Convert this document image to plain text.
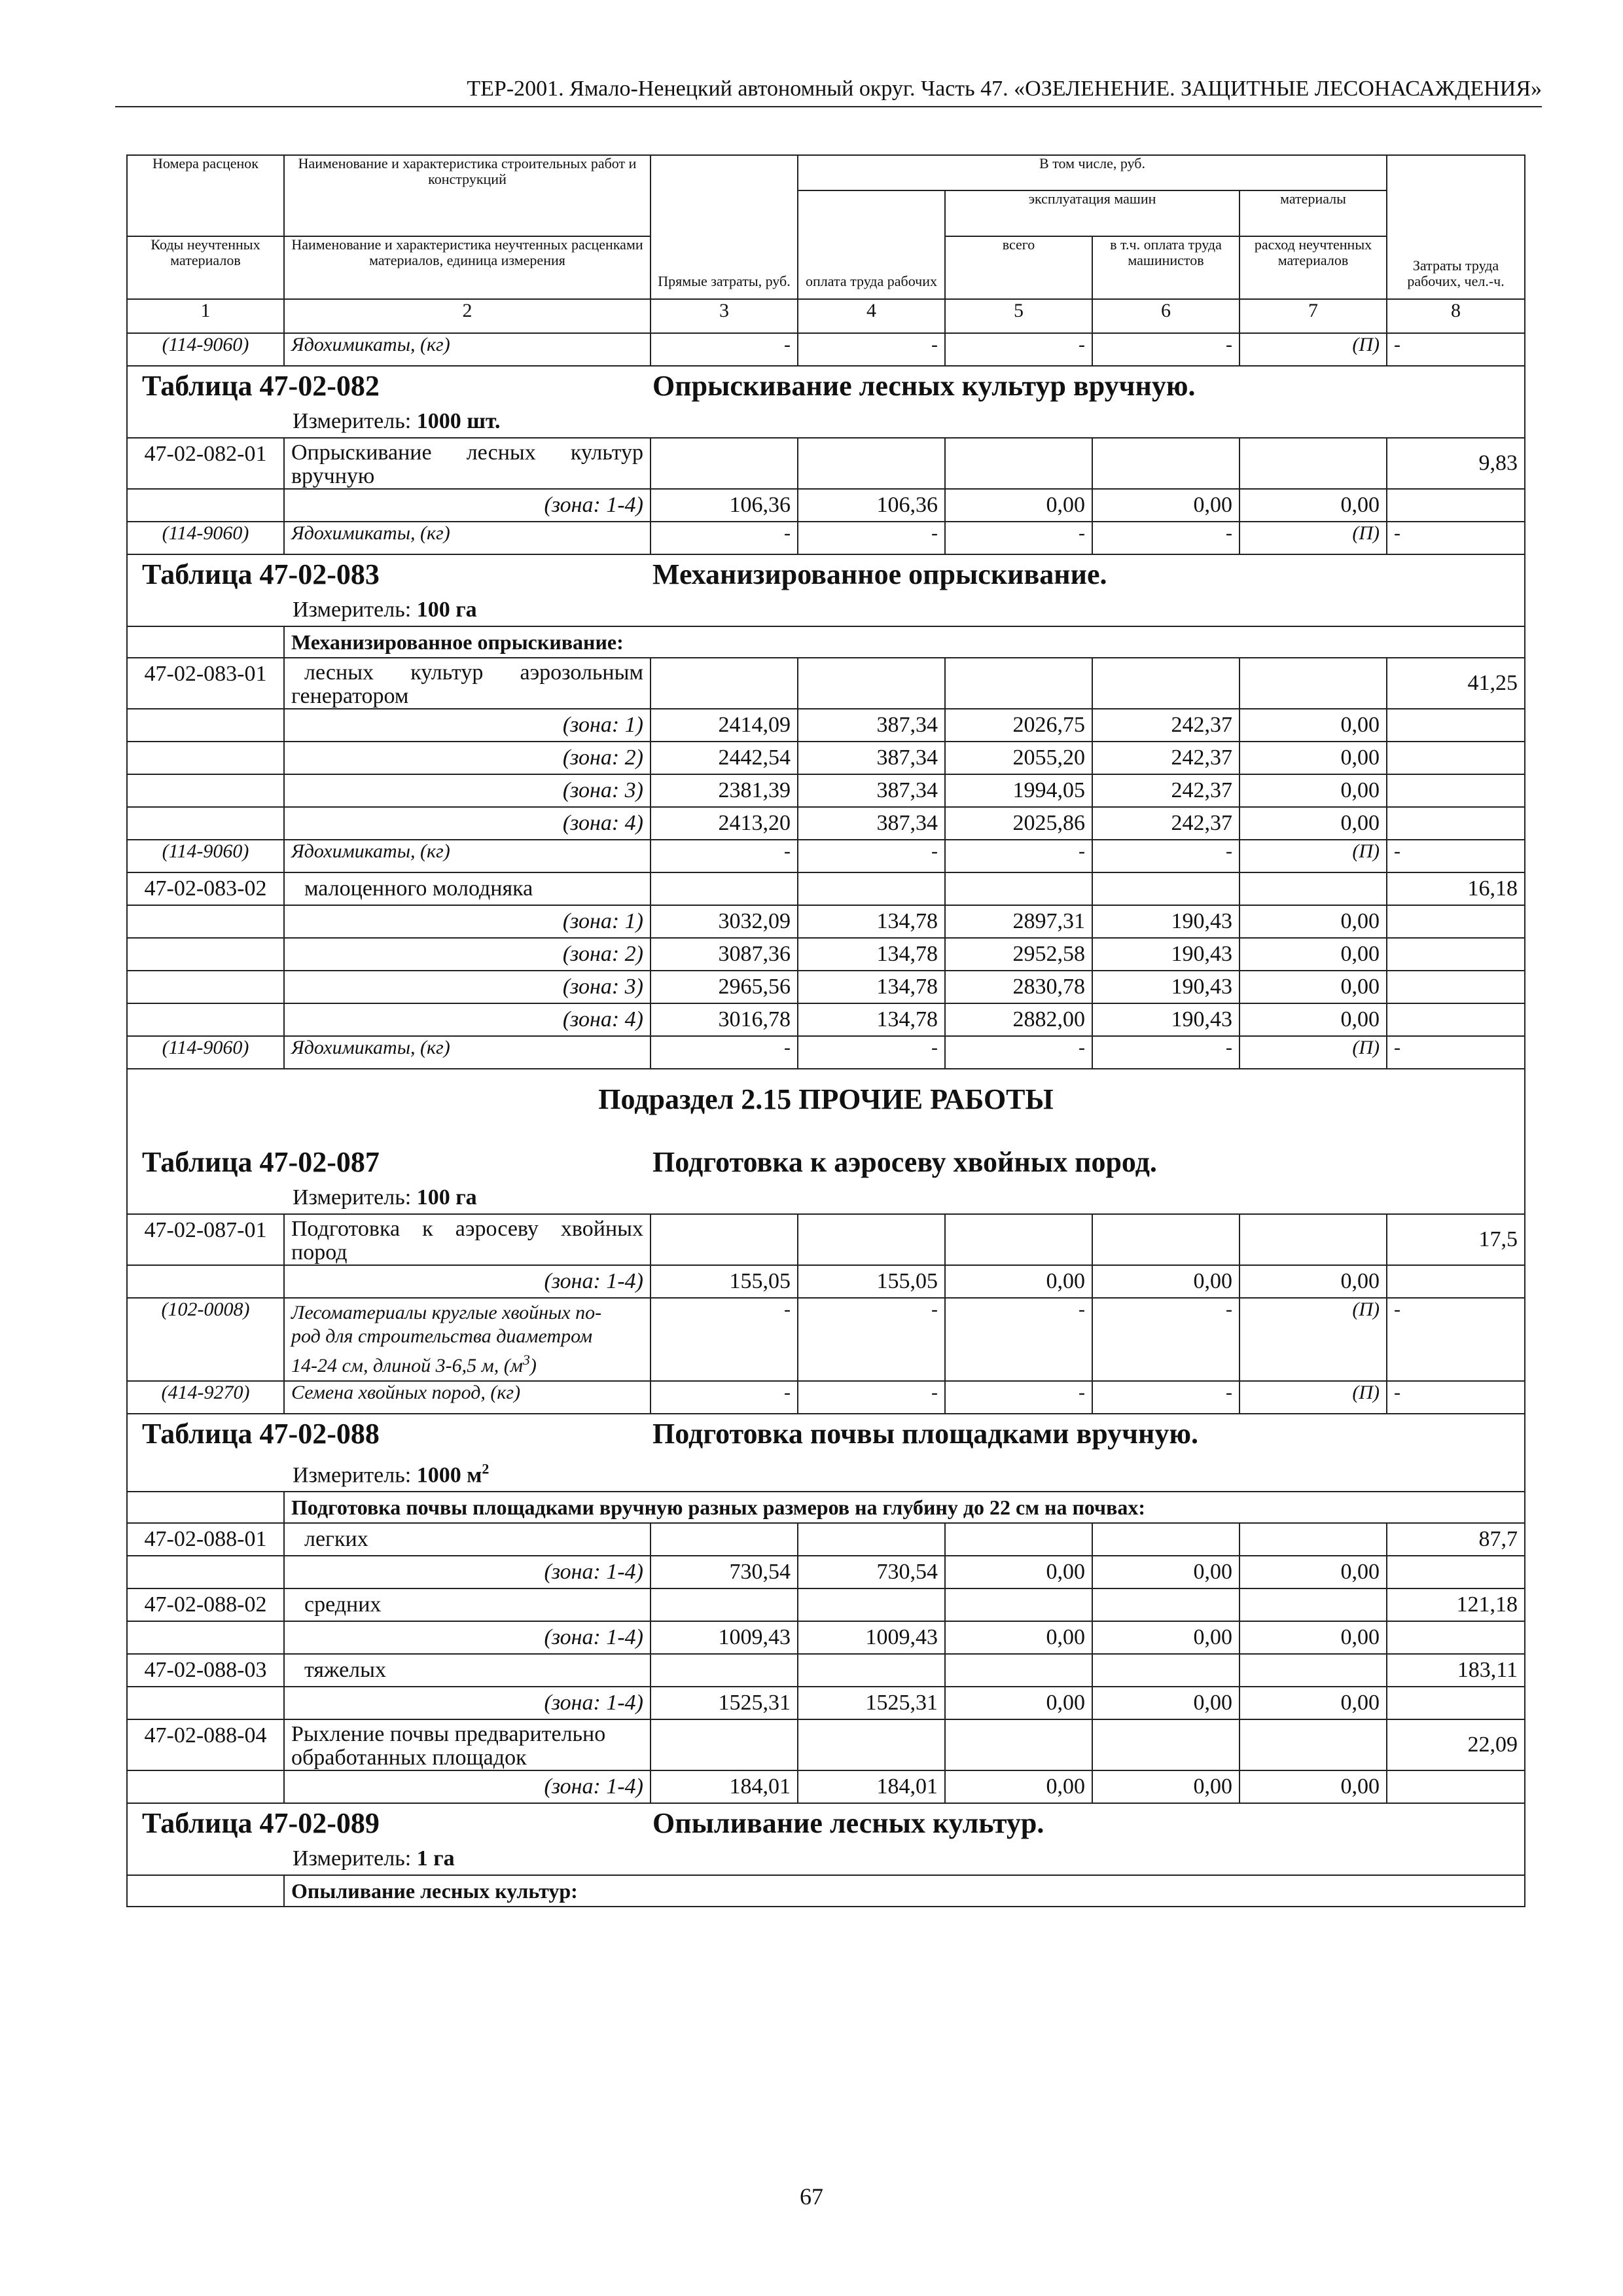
ТЕР-2001. Ямало-Ненецкий автономный округ. Часть 47. «ОЗЕЛЕНЕНИЕ. ЗАЩИТНЫЕ ЛЕСОНАСАЖДЕНИЯ»
Номера расценок	Наименование и характеристика строительных работ и конструкций	Прямые затраты, руб.	В том числе, руб.				Затраты труда рабочих, чел.-ч.
			оплата труда рабочих	эксплуатация машин		материалы	
Коды неучтенных материалов	Наименование и характеристика неучтенных расценками материалов, единица измерения			всего	в т.ч. оплата труда машинистов	расход неучтенных материалов	
1	2	3	4	5	6	7	8
(114-9060)	Ядохимикаты, (кг)	-	-	-	-	(П)	-
Таблица 47-02-082 Опрыскивание лесных культур вручную.
Измеритель: 1000 шт.							

47-02-082-01	Опрыскивание лесных культур вручную						9,83
	(зона: 1-4)	106,36	106,36	0,00	0,00	0,00	
(114-9060)	Ядохимикаты, (кг)	-	-	-	-	(П)	-
Таблица 47-02-083 Механизированное опрыскивание.
Измеритель: 100 га							

	Механизированное опрыскивание:						
47-02-083-01	лесных культур аэрозольным генератором						41,25
	(зона: 1)	2414,09	387,34	2026,75	242,37	0,00	
	(зона: 2)	2442,54	387,34	2055,20	242,37	0,00	
	(зона: 3)	2381,39	387,34	1994,05	242,37	0,00	
	(зона: 4)	2413,20	387,34	2025,86	242,37	0,00	
(114-9060)	Ядохимикаты, (кг)	-	-	-	-	(П)	-
47-02-083-02	малоценного молодняка						16,18
	(зона: 1)	3032,09	134,78	2897,31	190,43	0,00	
	(зона: 2)	3087,36	134,78	2952,58	190,43	0,00	
	(зона: 3)	2965,56	134,78	2830,78	190,43	0,00	
	(зона: 4)	3016,78	134,78	2882,00	190,43	0,00	
(114-9060)	Ядохимикаты, (кг)	-	-	-	-	(П)	-

Подраздел 2.15 ПРОЧИЕ РАБОТЫ
Таблица 47-02-087 Подготовка к аэросеву хвойных пород.
Измеритель: 100 га							

47-02-087-01	Подготовка к аэросеву хвойных пород						17,5
	(зона: 1-4)	155,05	155,05	0,00	0,00	0,00	
(102-0008)	Лесоматериалы круглые хвойных по-
род для строительства диаметром
14-24 см, длиной 3-6,5 м, $(м^3)$	-	-	-	-	(П)	-
(414-9270)	Семена хвойных пород, (кг)	-	-	-	-	(П)	-
Таблица 47-02-088 Подготовка почвы площадками вручную.
Измеритель: 1000 $м^2$

	Подготовка почвы площадками вручную разных размеров на глубину до 22 см на почвах:						
47-02-088-01	легких						87,7
	(зона: 1-4)	730,54	730,54	0,00	0,00	0,00	
47-02-088-02	средних						121,18
	(зона: 1-4)	1009,43	1009,43	0,00	0,00	0,00	
47-02-088-03	тяжелых						183,11
	(зона: 1-4)	1525,31	1525,31	0,00	0,00	0,00	
47-02-088-04	Рыхление почвы предварительно
обработанных площадок						22,09
	(зона: 1-4)	184,01	184,01	0,00	0,00	0,00	
Таблица 47-02-089 Опыливание лесных культур.
Измеритель: 1 га							

	Опыливание лесных культур:						
67
